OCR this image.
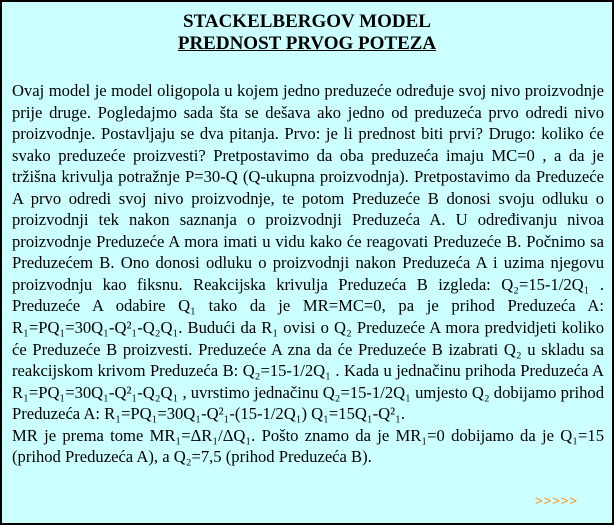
STACKELBERGOV MODEL
PREDNOST PRVOG POTEZA

Ovaj model je model oligopola u kojem jedno preduzeće određuje svoj nivo proizvodnje prije druge. Pogledajmo sada šta se dešava ako jedno od preduzeća prvo odredi nivo proizvodnje. Postavljaju se dva pitanja. Prvo: je li prednost biti prvi? Drugo: koliko će svako preduzeće proizvesti? Pretpostavimo da oba preduzeća imaju MC=0 , a da je tržišna krivulja potražnje P=30-Q (Q-ukupna proizvodnja). Pretpostavimo da Preduzeće A prvo odredi svoj nivo proizvodnje, te potom Preduzeće B donosi svoju odluku o proizvodnji tek nakon saznanja o proizvodnji Preduzeća A. U određivanju nivoa proizvodnje Preduzeće A mora imati u vidu kako će reagovati Preduzeće B. Počnimo sa Preduzećem B. Ono donosi odluku o proizvodnji nakon Preduzeća A i uzima njegovu proizvodnju kao fiksnu. Reakcijska krivulja Preduzeća B izgleda: Q₂=15-1/2Q₁ . Preduzeće A odabire Q₁ tako da je MR=MC=0, pa je prihod Preduzeća A: R₁=PQ₁=30Q₁-Q²₁-Q₂Q₁. Budući da R₁ ovisi o Q₂ Preduzeće A mora predvidjeti koliko će Preduzeće B proizvesti. Preduzeće A zna da će Preduzeće B izabrati Q₂ u skladu sa reakcijskom krivom Preduzeća B: Q₂=15-1/2Q₁ . Kada u jednačinu prihoda Preduzeća A R₁=PQ₁=30Q₁-Q²₁-Q₂Q₁ , uvrstimo jednačinu Q₂=15-1/2Q₁ umjesto Q₂ dobijamo prihod Preduzeća A: R₁=PQ₁=30Q₁-Q²₁-(15-1/2Q₁) Q₁=15Q₁-Q²₁.

MR je prema tome MR₁=ΔR₁/ΔQ₁. Pošto znamo da je MR₁=0 dobijamo da je Q₁=15 (prihod Preduzeća A), a Q₂=7,5 (prihod Preduzeća B).

>>>>>
